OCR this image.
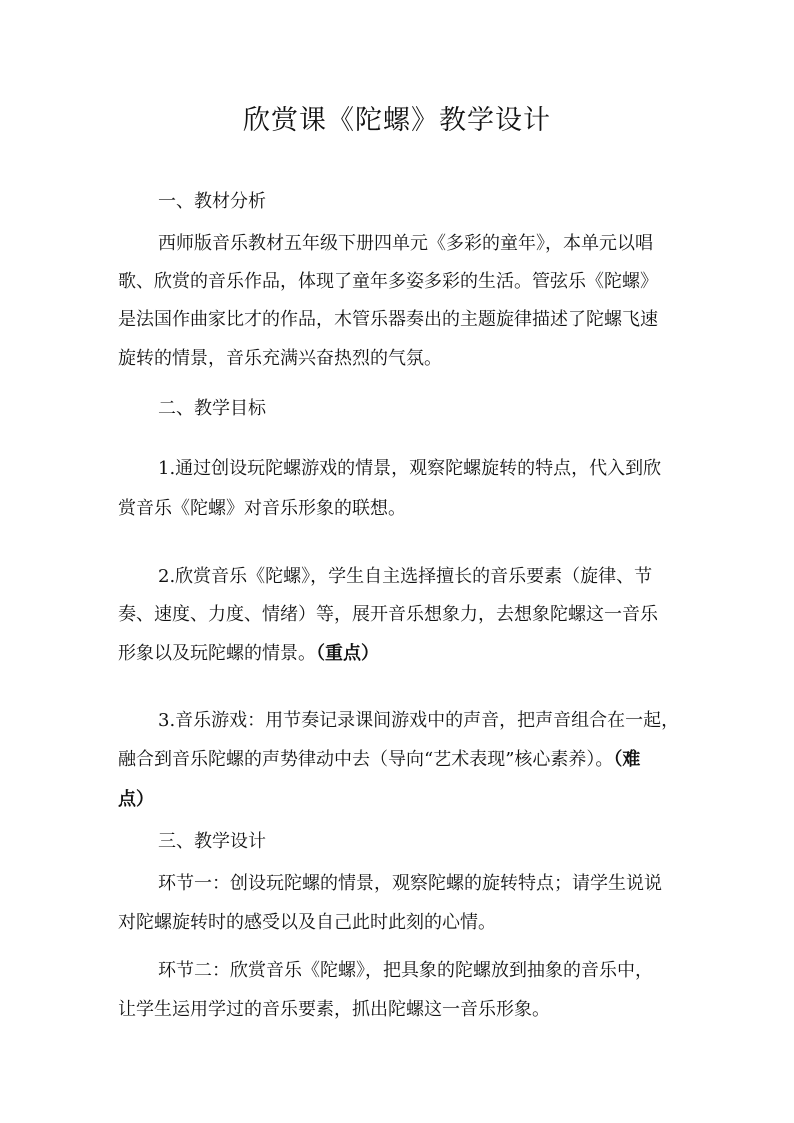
欣赏课《陀螺》教学设计
一、教材分析
西师版音乐教材五年级下册四单元《多彩的童年》，本单元以唱
歌、欣赏的音乐作品，体现了童年多姿多彩的生活。管弦乐《陀螺》
是法国作曲家比才的作品，木管乐器奏出的主题旋律描述了陀螺飞速
旋转的情景，音乐充满兴奋热烈的气氛。
二、教学目标
1.通过创设玩陀螺游戏的情景，观察陀螺旋转的特点，代入到欣
赏音乐《陀螺》对音乐形象的联想。
2.欣赏音乐《陀螺》，学生自主选择擅长的音乐要素（旋律、节
奏、速度、力度、情绪）等，展开音乐想象力，去想象陀螺这一音乐
形象以及玩陀螺的情景。（重点）
3.音乐游戏：用节奏记录课间游戏中的声音，把声音组合在一起，
融合到音乐陀螺的声势律动中去（导向“艺术表现”核心素养）。（难
点）
三、教学设计
环节一：创设玩陀螺的情景，观察陀螺的旋转特点；请学生说说
对陀螺旋转时的感受以及自己此时此刻的心情。
环节二：欣赏音乐《陀螺》，把具象的陀螺放到抽象的音乐中，
让学生运用学过的音乐要素，抓出陀螺这一音乐形象。
